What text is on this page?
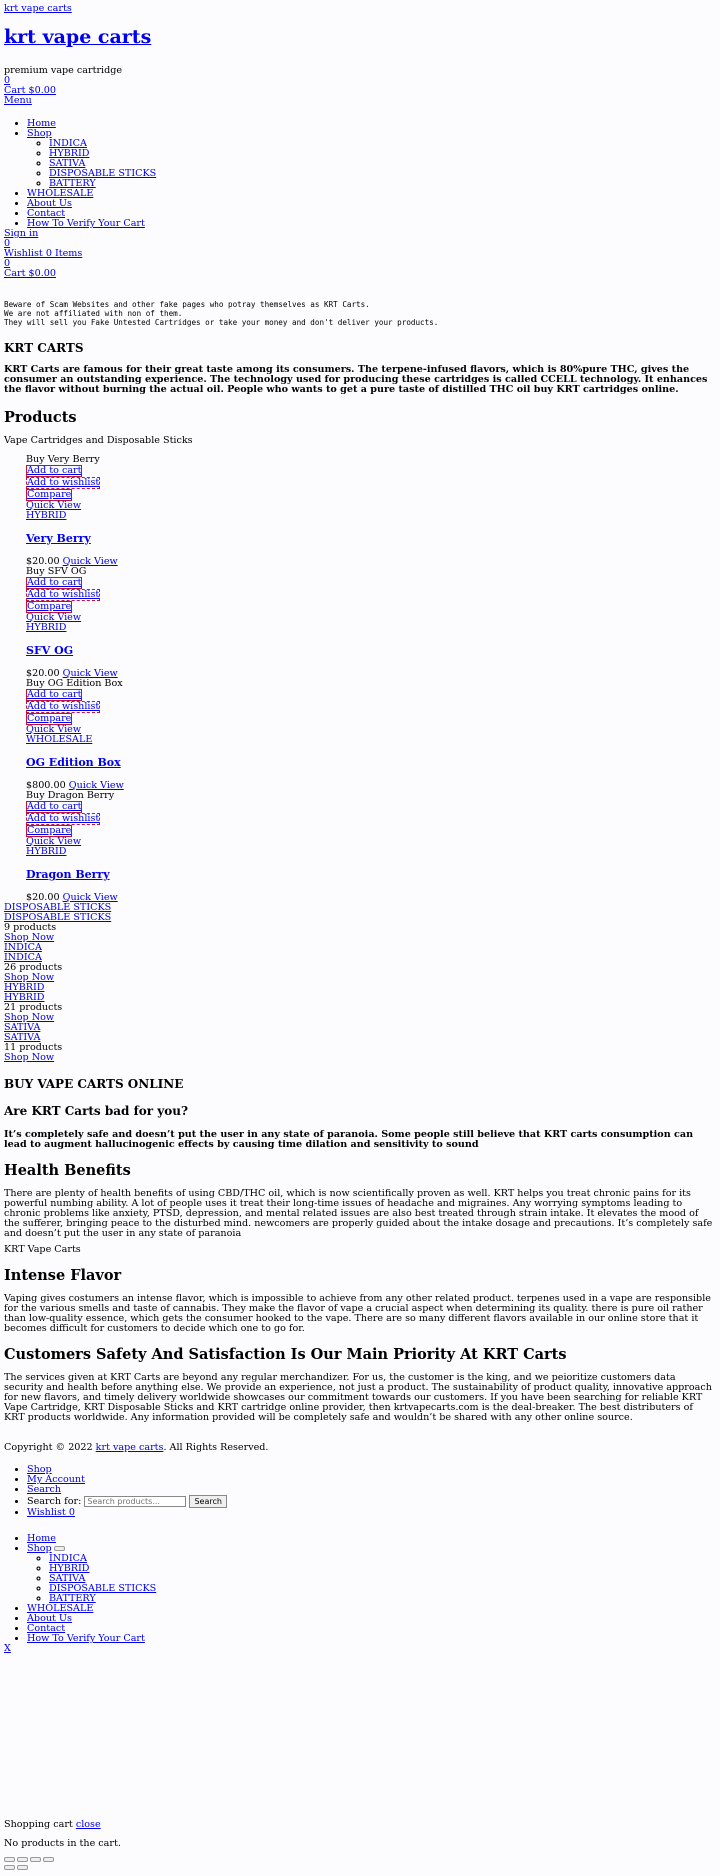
krt vape carts
krt vape carts

premium vape cartridge

0
Cart $0.00
Menu
• Home
• Shop
◦ INDICA
◦ HYBRID
◦ SATIVA
◦ DISPOSABLE STICKS
◦ BATTERY
• WHOLESALE
• About Us
• Contact
• How To Verify Your Cart
Sign in
0
Wishlist 0 Items
0
Cart $0.00

Beware of Scam Websites and other fake pages who potray themselves as KRT Carts.

We are not affiliated with non of them.

They will sell you Fake Untested Cartridges or take your money and don't deliver your products.

KRT CARTS

KRT Carts are famous for their great taste among its consumers. The terpene-infused flavors, which is 80%pure THC, gives the consumer an outstanding experience. The technology used for producing these cartridges is called CCELL technology. It enhances the flavor without burning the actual oil. People who wants to get a pure taste of distilled THC oil buy KRT cartridges online.

Products

Vape Cartridges and Disposable Sticks

Buy Very Berry
Add to cart
Add to wishlist
Compare

Quick View
HYBRID

Very Berry

$20.00 Quick View

Buy SFV OG
Add to cart
Add to wishlist
Compare

Quick View
HYBRID

SFV OG

$20.00 Quick View

Buy OG Edition Box
Add to cart
Add to wishlist
Compare

Quick View
WHOLESALE

OG Edition Box

$800.00 Quick View

Buy Dragon Berry
Add to cart
Add to wishlist
Compare

Quick View
HYBRID

Dragon Berry

$20.00 Quick View

DISPOSABLE STICKS
DISPOSABLE STICKS
9 products
Shop Now
INDICA
INDICA
26 products
Shop Now
HYBRID
HYBRID
21 products
Shop Now
SATIVA
SATIVA
11 products
Shop Now
BUY VAPE CARTS ONLINE
Are KRT Carts bad for you?

It’s completely safe and doesn’t put the user in any state of paranoia. Some people still believe that KRT carts consumption can lead to augment hallucinogenic effects by causing time dilation and sensitivity to sound

Health Benefits

There are plenty of health benefits of using CBD/THC oil, which is now scientifically proven as well. KRT helps you treat chronic pains for its powerful numbing ability. A lot of people uses it treat their long-time issues of headache and migraines. Any worrying symptoms leading to chronic problems like anxiety, PTSD, depression, and mental related issues are also best treated through strain intake. It elevates the mood of the sufferer, bringing peace to the disturbed mind. newcomers are properly guided about the intake dosage and precautions. It’s completely safe and doesn’t put the user in any state of paranoia

KRT Vape Carts
Intense Flavor

Vaping gives costumers an intense flavor, which is impossible to achieve from any other related product. terpenes used in a vape are responsible for the various smells and taste of cannabis. They make the flavor of vape a crucial aspect when determining its quality. there is pure oil rather than low-quality essence, which gets the consumer hooked to the vape. There are so many different flavors available in our online store that it becomes difficult for customers to decide which one to go for.

Customers Safety And Satisfaction Is Our Main Priority At KRT Carts

The services given at KRT Carts are beyond any regular merchandizer. For us, the customer is the king, and we peioritize customers data security and health before anything else. We provide an experience, not just a product. The sustainability of product quality, innovative approach for new flavors, and timely delivery worldwide showcases our commitment towards our customers. If you have been searching for reliable KRT Vape Cartridge, KRT Disposable Sticks and KRT cartridge online provider, then krtvapecarts.com is the deal-breaker. The best distributers of KRT products worldwide. Any information provided will be completely safe and wouldn’t be shared with any other online source.

Copyright © 2022 krt vape carts. All Rights Reserved.

• Shop
• My Account
• Search
• Search for: Search products...	Search
• Wishlist 0
• Home
• Shop
◦ INDICA
◦ HYBRID
◦ SATIVA
◦ DISPOSABLE STICKS
◦ BATTERY
• WHOLESALE
• About Us
• Contact
• How To Verify Your Cart
X

Shopping cart close

No products in the cart.
